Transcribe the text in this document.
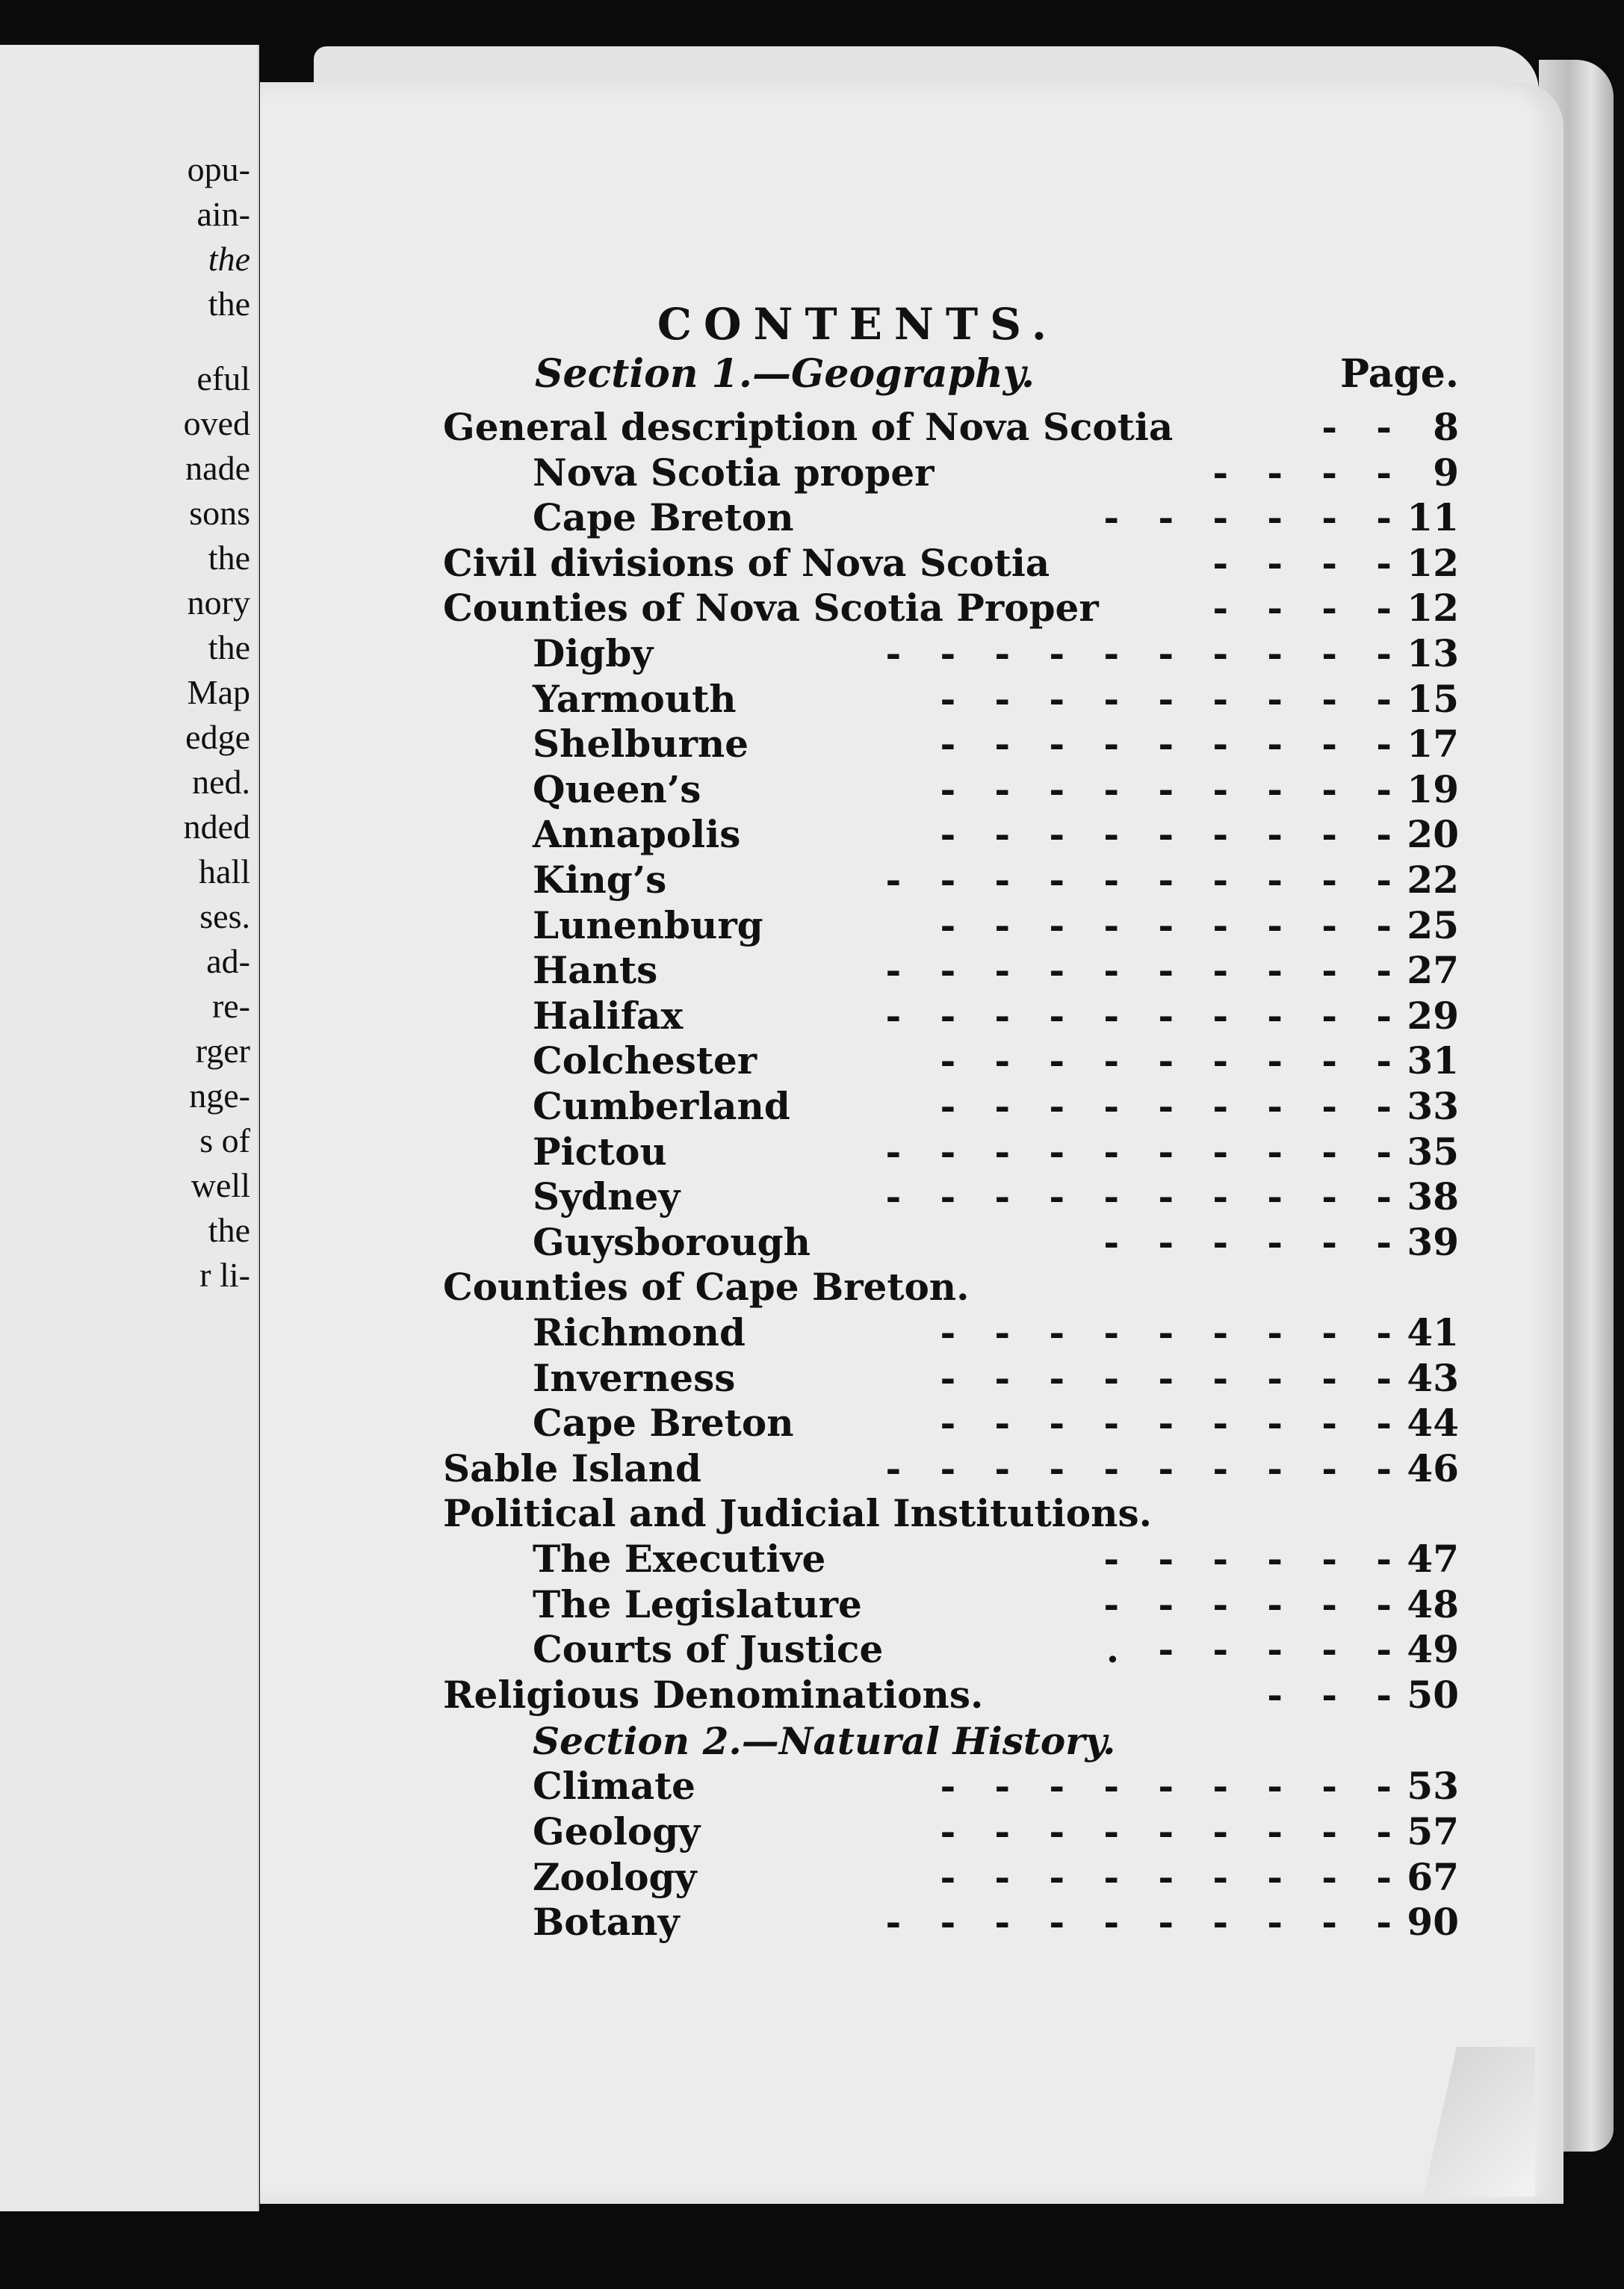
opu-
ain-
the
the
eful
oved
nade
sons
the
nory
the
Map
edge
ned.
nded
hall
ses.
ad-
re-
rger
nge-
s of
well
the
r li-
CONTENTS.
Section 1.—Geography.	Page.
General description of Nova Scotia	-   - 8
Nova Scotia proper	-   -   -   - 9
Cape Breton	-   -   -   -   -   - 11
Civil divisions of Nova Scotia	-   -   -   - 12
Counties of Nova Scotia Proper	-   -   -   - 12
Digby	-   -   -   -   -   -   -   -   -   - 13
Yarmouth	-   -   -   -   -   -   -   -   - 15
Shelburne	-   -   -   -   -   -   -   -   - 17
Queen’s	-   -   -   -   -   -   -   -   - 19
Annapolis	-   -   -   -   -   -   -   -   - 20
King’s	-   -   -   -   -   -   -   -   -   - 22
Lunenburg	-   -   -   -   -   -   -   -   - 25
Hants	-   -   -   -   -   -   -   -   -   - 27
Halifax	-   -   -   -   -   -   -   -   -   - 29
Colchester	-   -   -   -   -   -   -   -   - 31
Cumberland	-   -   -   -   -   -   -   -   - 33
Pictou	-   -   -   -   -   -   -   -   -   - 35
Sydney	-   -   -   -   -   -   -   -   -   - 38
Guysborough	-   -   -   -   -   - 39
Counties of Cape Breton.
Richmond	-   -   -   -   -   -   -   -   - 41
Inverness	-   -   -   -   -   -   -   -   - 43
Cape Breton	-   -   -   -   -   -   -   -   - 44
Sable Island	-   -   -   -   -   -   -   -   -   - 46
Political and Judicial Institutions.
The Executive	-   -   -   -   -   - 47
The Legislature	-   -   -   -   -   - 48
Courts of Justice	.   -   -   -   -   - 49
Religious Denominations.	-   -   - 50
Section 2.—Natural History.
Climate	-   -   -   -   -   -   -   -   - 53
Geology	-   -   -   -   -   -   -   -   - 57
Zoology	-   -   -   -   -   -   -   -   - 67
Botany	-   -   -   -   -   -   -   -   -   - 90
